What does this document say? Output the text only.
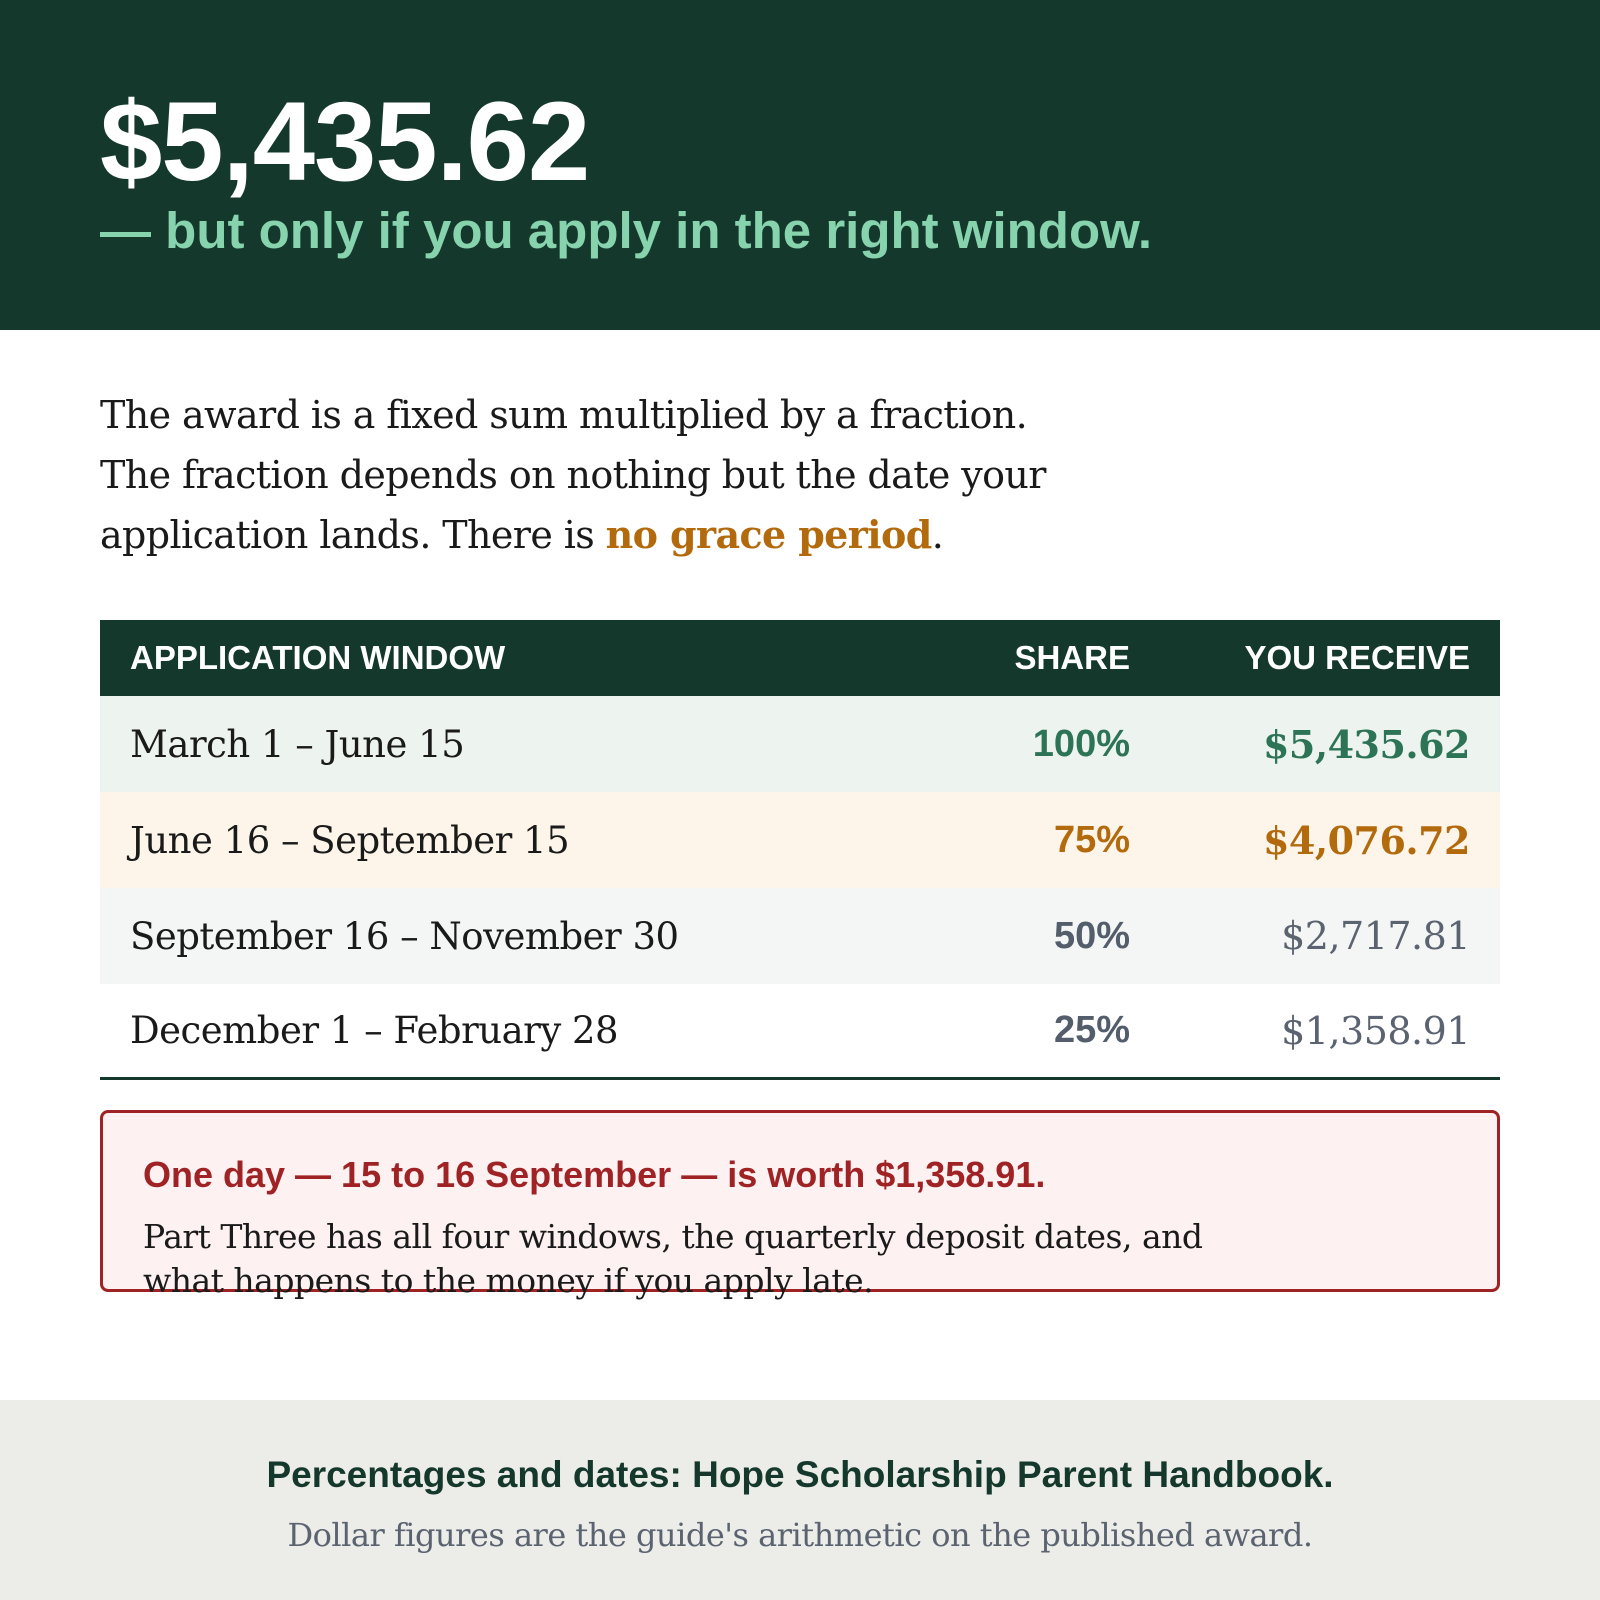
$5,435.62
— but only if you apply in the right window.

The award is a fixed sum multiplied by a fraction. The fraction depends on nothing but the date your application lands. There is no grace period.

APPLICATION WINDOW	SHARE	YOU RECEIVE
March 1 – June 15	100%	$5,435.62
June 16 – September 15	75%	$4,076.72
September 16 – November 30	50%	$2,717.81
December 1 – February 28	25%	$1,358.91
One day — 15 to 16 September — is worth $1,358.91.
Part Three has all four windows, the quarterly deposit dates, and what happens to the money if you apply late.
Percentages and dates: Hope Scholarship Parent Handbook.
Dollar figures are the guide's arithmetic on the published award.
